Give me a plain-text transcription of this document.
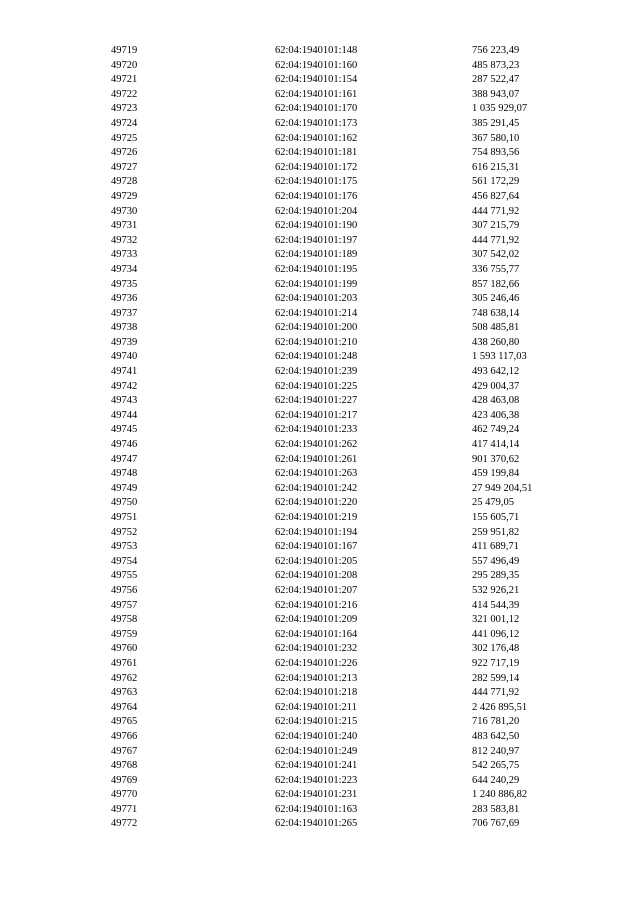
49719	62:04:1940101:148	756 223,49
49720	62:04:1940101:160	485 873,23
49721	62:04:1940101:154	287 522,47
49722	62:04:1940101:161	388 943,07
49723	62:04:1940101:170	1 035 929,07
49724	62:04:1940101:173	385 291,45
49725	62:04:1940101:162	367 580,10
49726	62:04:1940101:181	754 893,56
49727	62:04:1940101:172	616 215,31
49728	62:04:1940101:175	561 172,29
49729	62:04:1940101:176	456 827,64
49730	62:04:1940101:204	444 771,92
49731	62:04:1940101:190	307 215,79
49732	62:04:1940101:197	444 771,92
49733	62:04:1940101:189	307 542,02
49734	62:04:1940101:195	336 755,77
49735	62:04:1940101:199	857 182,66
49736	62:04:1940101:203	305 246,46
49737	62:04:1940101:214	748 638,14
49738	62:04:1940101:200	508 485,81
49739	62:04:1940101:210	438 260,80
49740	62:04:1940101:248	1 593 117,03
49741	62:04:1940101:239	493 642,12
49742	62:04:1940101:225	429 004,37
49743	62:04:1940101:227	428 463,08
49744	62:04:1940101:217	423 406,38
49745	62:04:1940101:233	462 749,24
49746	62:04:1940101:262	417 414,14
49747	62:04:1940101:261	901 370,62
49748	62:04:1940101:263	459 199,84
49749	62:04:1940101:242	27 949 204,51
49750	62:04:1940101:220	25 479,05
49751	62:04:1940101:219	155 605,71
49752	62:04:1940101:194	259 951,82
49753	62:04:1940101:167	411 689,71
49754	62:04:1940101:205	557 496,49
49755	62:04:1940101:208	295 289,35
49756	62:04:1940101:207	532 926,21
49757	62:04:1940101:216	414 544,39
49758	62:04:1940101:209	321 001,12
49759	62:04:1940101:164	441 096,12
49760	62:04:1940101:232	302 176,48
49761	62:04:1940101:226	922 717,19
49762	62:04:1940101:213	282 599,14
49763	62:04:1940101:218	444 771,92
49764	62:04:1940101:211	2 426 895,51
49765	62:04:1940101:215	716 781,20
49766	62:04:1940101:240	483 642,50
49767	62:04:1940101:249	812 240,97
49768	62:04:1940101:241	542 265,75
49769	62:04:1940101:223	644 240,29
49770	62:04:1940101:231	1 240 886,82
49771	62:04:1940101:163	283 583,81
49772	62:04:1940101:265	706 767,69
